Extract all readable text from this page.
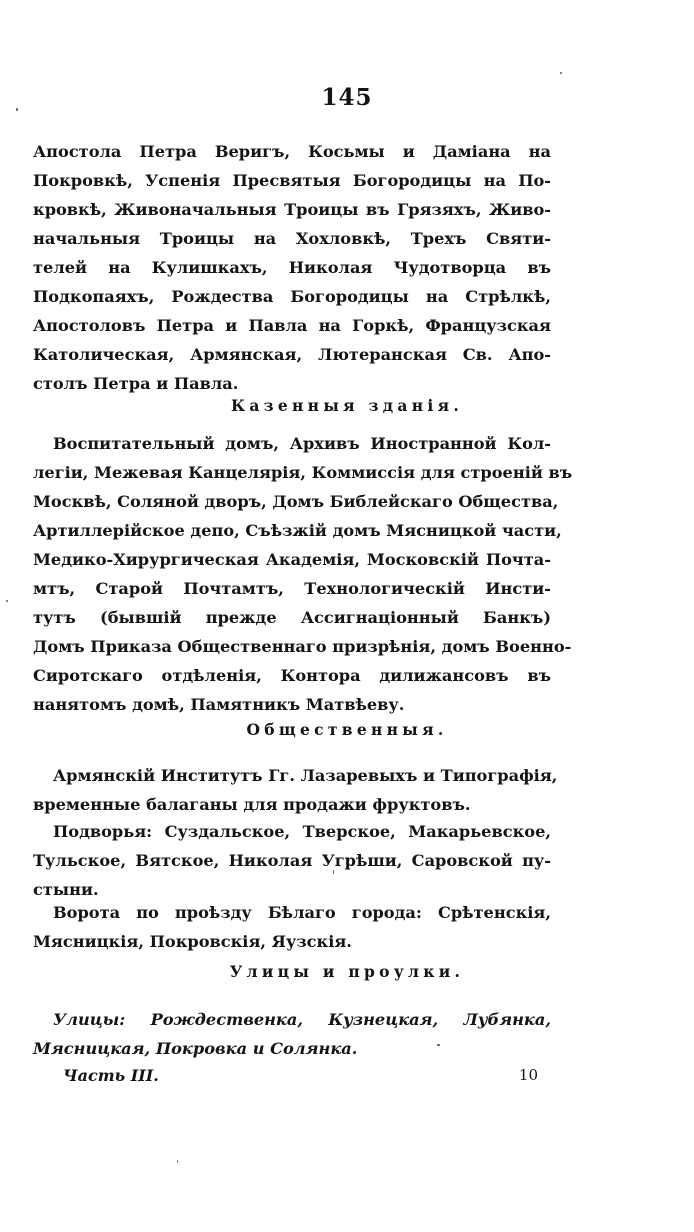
145
Апостола Петра Веригъ, Косьмы и Даміана на
Покровкѣ, Успенія Пресвятыя Богородицы на По-
кровкѣ, Живоначальныя Троицы въ Грязяхъ, Живо-
начальныя Троицы на Хохловкѣ, Трехъ Святи-
телей на Кулишкахъ, Николая Чудотворца въ
Подкопаяхъ, Рождества Богородицы на Стрѣлкѣ,
Апостоловъ Петра и Павла на Горкѣ, Французская
Католическая, Армянская, Лютеранская Св. Апо-
столъ Петра и Павла.
Казенныя зданія.
Воспитательный домъ, Архивъ Иностранной Кол-
легіи, Межевая Канцелярія, Коммиссія для строеній въ
Москвѣ, Соляной дворъ, Домъ Библейскаго Общества,
Артиллерійское депо, Съѣзжій домъ Мясницкой части,
Медико-Хирургическая Академія, Московскій Почта-
мтъ, Старой Почтамтъ, Технологическій Инсти-
тутъ (бывшій прежде Ассигнаціонный Банкъ)
Домъ Приказа Общественнаго призрѣнія, домъ Военно-
Сиротскаго отдѣленія, Контора дилижансовъ въ
нанятомъ домѣ, Памятникъ Матвѣеву.
Общественныя.
Армянскій Институтъ Гг. Лазаревыхъ и Типографія,
временные балаганы для продажи фруктовъ.
Подворья: Суздальское, Тверское, Макарьевское,
Тульское, Вятское, Николая Угрѣши, Саровской пу-
стыни.
Ворота по проѣзду Бѣлаго города: Срѣтенскія,
Мясницкія, Покровскія, Яузскія.
Улицы и проулки.
Улицы: Рождественка, Кузнецкая, Лубянка,
Мясницкая, Покровка и Солянка.
Часть III.	10
